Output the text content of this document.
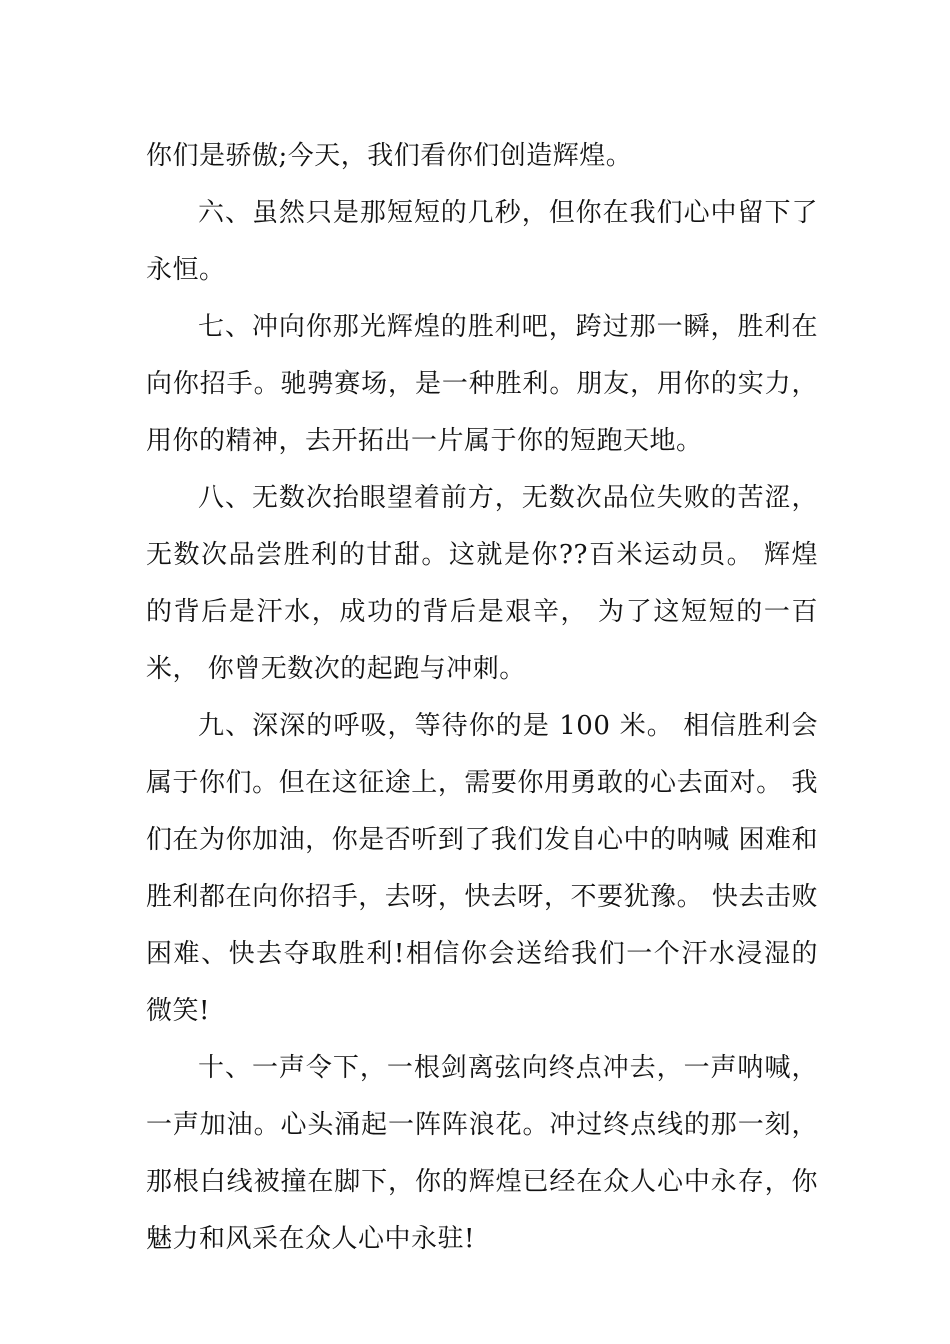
你们是骄傲;今天，我们看你们创造辉煌。

六、虽然只是那短短的几秒，但你在我们心中留下了永恒。

七、冲向你那光辉煌的胜利吧，跨过那一瞬，胜利在向你招手。驰骋赛场，是一种胜利。朋友，用你的实力，用你的精神，去开拓出一片属于你的短跑天地。

八、无数次抬眼望着前方，无数次品位失败的苦涩， 无数次品尝胜利的甘甜。这就是你??百米运动员。 辉煌的背后是汗水，成功的背后是艰辛， 为了这短短的一百米， 你曾无数次的起跑与冲刺。

九、深深的呼吸，等待你的是 100 米。 相信胜利会属于你们。但在这征途上，需要你用勇敢的心去面对。 我们在为你加油，你是否听到了我们发自心中的呐喊 困难和胜利都在向你招手，去呀，快去呀，不要犹豫。 快去击败困难、快去夺取胜利!相信你会送给我们一个汗水浸湿的微笑!

十、一声令下，一根剑离弦向终点冲去，一声呐喊，一声加油。心头涌起一阵阵浪花。冲过终点线的那一刻，那根白线被撞在脚下，你的辉煌已经在众人心中永存，你魅力和风采在众人心中永驻!
